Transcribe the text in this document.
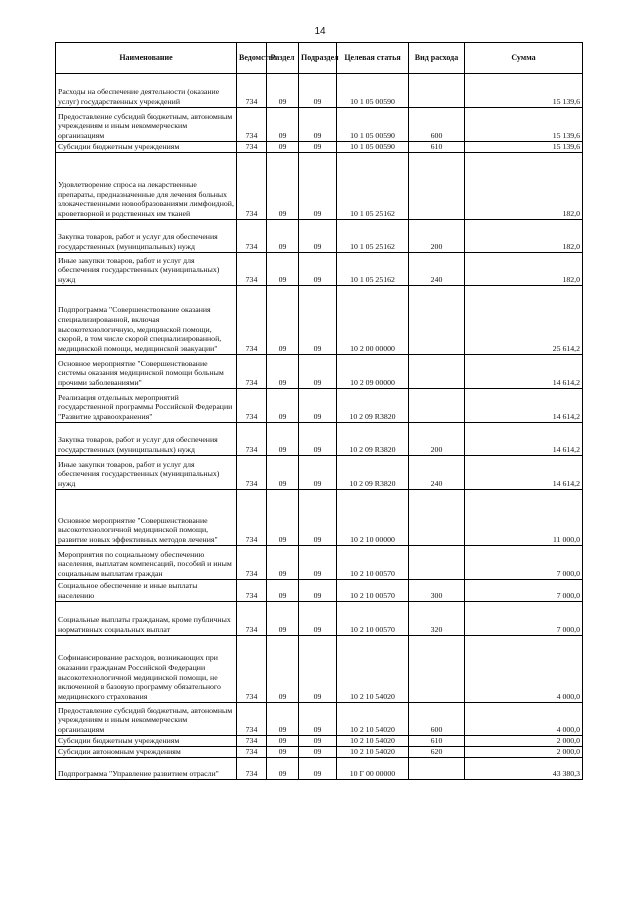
14
Наименование	Ведомство	Раздел	Подраздел	Целевая статья	Вид расхода	Сумма
Расходы на обеспечение деятельности (оказание услуг) государственных учреждений	734	09	09	10 1 05 00590		15 139,6
Предоставление субсидий бюджетным, автономным учреждениям и иным некоммерческим организациям	734	09	09	10 1 05 00590	600	15 139,6
Субсидии бюджетным учреждениям	734	09	09	10 1 05 00590	610	15 139,6
Удовлетворение спроса на лекарственные препараты, предназначенные для лечения больных злокачественными новообразованиями лимфоидной, кроветворной и родственных им тканей	734	09	09	10 1 05 25162		182,0
Закупка товаров, работ и услуг для обеспечения государственных (муниципальных) нужд	734	09	09	10 1 05 25162	200	182,0
Иные закупки товаров, работ и услуг для обеспечения государственных (муниципальных) нужд	734	09	09	10 1 05 25162	240	182,0
Подпрограмма "Совершенствование оказания специализированной, включая высокотехнологичную, медицинской помощи, скорой, в том числе скорой специализированной, медицинской помощи, медицинской эвакуации"	734	09	09	10 2 00 00000		25 614,2
Основное мероприятие "Совершенствование системы оказания медицинской помощи больным прочими заболеваниями"	734	09	09	10 2 09 00000		14 614,2
Реализация отдельных мероприятий государственной программы Российской Федерации "Развитие здравоохранения"	734	09	09	10 2 09 R3820		14 614,2
Закупка товаров, работ и услуг для обеспечения государственных (муниципальных) нужд	734	09	09	10 2 09 R3820	200	14 614,2
Иные закупки товаров, работ и услуг для обеспечения государственных (муниципальных) нужд	734	09	09	10 2 09 R3820	240	14 614,2
Основное мероприятие "Совершенствование высокотехнологичной медицинской помощи, развитие новых эффективных методов лечения"	734	09	09	10 2 10 00000		11 000,0
Мероприятия по социальному обеспечению населения, выплатам компенсаций, пособий и иным социальным выплатам граждан	734	09	09	10 2 10 00570		7 000,0
Социальное обеспечение и иные выплаты населению	734	09	09	10 2 10 00570	300	7 000,0
Социальные выплаты гражданам, кроме публичных нормативных социальных выплат	734	09	09	10 2 10 00570	320	7 000,0
Софинансирование расходов, возникающих при оказании гражданам Российской Федерации высокотехнологичной медицинской помощи, не включенной в базовую программу обязательного медицинского страхования	734	09	09	10 2 10 54020		4 000,0
Предоставление субсидий бюджетным, автономным учреждениям и иным некоммерческим организациям	734	09	09	10 2 10 54020	600	4 000,0
Субсидии бюджетным учреждениям	734	09	09	10 2 10 54020	610	2 000,0
Субсидии автономным учреждениям	734	09	09	10 2 10 54020	620	2 000,0
Подпрограмма "Управление развитием отрасли"	734	09	09	10 Г 00 00000		43 380,3
